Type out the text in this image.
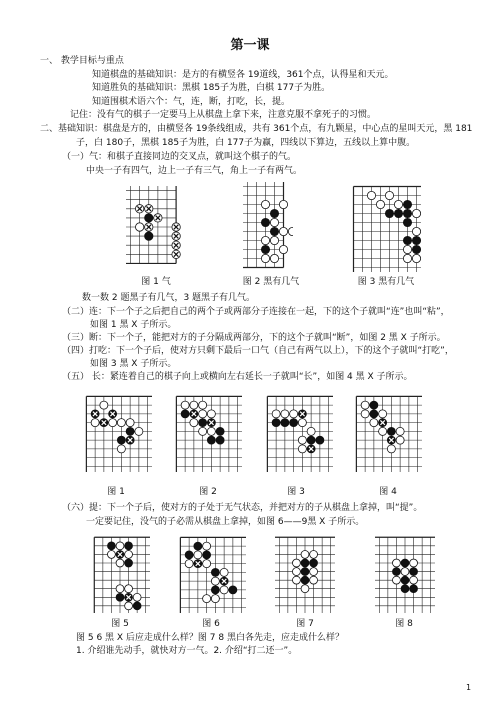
第一课
一、 教学目标与重点
知道棋盘的基础知识：是方的有横竖各 19道线，361个点，认得星和天元。
知道胜负的基础知识：黑棋 185子为胜，白棋 177子为胜。
知道围棋术语六个：气，连，断，打吃，长，提。
记住：没有气的棋子一定要马上从棋盘上拿下来，注意克服不拿死子的习惯。
二、基础知识：棋盘是方的，由横竖各 19条线组成，共有 361个点，有九颗星，中心点的星叫天元，黑 181
子，白 180子，黑棋 185子为胜，白 177子为赢，四线以下算边，五线以上算中腹。
（一）气：和棋子直接同边的交叉点，就叫这个棋子的气。
中央一子有四气，边上一子有三气，角上一子有两气。
图 1 气	图 2 黑有几气	图 3 黑有几气
数一数 2 题黑子有几气，3 题黑子有几气。
（二）连：下一个子之后把自己的两个子或两部分子连接在一起，下的这个子就叫“连”也叫“粘”，
如图 1 黑 X 子所示。
（三）断：下一个子，能把对方的子分隔成两部分，下的这个子就叫“断”，如图 2 黑 X 子所示。
（四）打吃：下一个子后，使对方只剩下最后一口气（自己有两气以上），下的这个子就叫“打吃”，
如图 3 黑 X 子所示。
（五） 长：紧连着自己的棋子向上或横向左右延长一子就叫“长”，如图 4 黑 X 子所示。
图 1	图 2	图 3	图 4
（六）提：下一个子后，使对方的子处于无气状态，并把对方的子从棋盘上拿掉，叫“提”。
一定要记住，没气的子必需从棋盘上拿掉，如图 6——9黑 X 子所示。
图 5	图 6	图 7	图 8
图 5 6 黑 X 后应走成什么样？图 7 8 黑白各先走，应走成什么样？
1. 介绍谁先动手，就快对方一气。2. 介绍“打二还一”。
1
